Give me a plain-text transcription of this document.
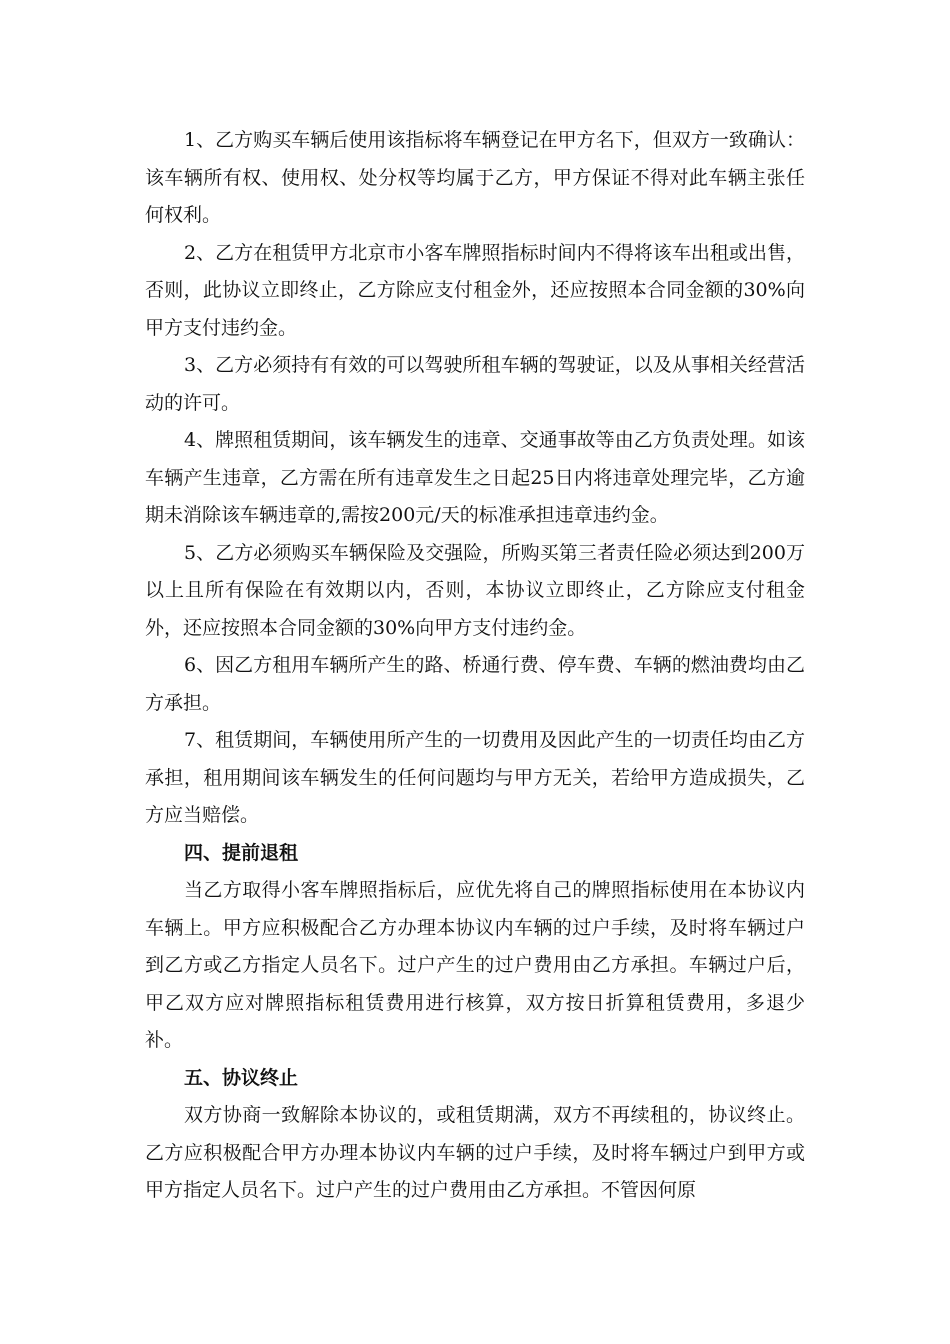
1、乙方购买车辆后使用该指标将车辆登记在甲方名下，但双方一致确认：该车辆所有权、使用权、处分权等均属于乙方，甲方保证不得对此车辆主张任何权利。

2、乙方在租赁甲方北京市小客车牌照指标时间内不得将该车出租或出售，否则，此协议立即终止，乙方除应支付租金外，还应按照本合同金额的30%向甲方支付违约金。

3、乙方必须持有有效的可以驾驶所租车辆的驾驶证，以及从事相关经营活动的许可。

4、牌照租赁期间，该车辆发生的违章、交通事故等由乙方负责处理。如该车辆产生违章，乙方需在所有违章发生之日起25日内将违章处理完毕，乙方逾期未消除该车辆违章的,需按200元/天的标准承担违章违约金。

5、乙方必须购买车辆保险及交强险，所购买第三者责任险必须达到200万以上且所有保险在有效期以内，否则，本协议立即终止，乙方除应支付租金外，还应按照本合同金额的30%向甲方支付违约金。

6、因乙方租用车辆所产生的路、桥通行费、停车费、车辆的燃油费均由乙方承担。

7、租赁期间，车辆使用所产生的一切费用及因此产生的一切责任均由乙方承担，租用期间该车辆发生的任何问题均与甲方无关，若给甲方造成损失，乙方应当赔偿。

四、提前退租

当乙方取得小客车牌照指标后，应优先将自己的牌照指标使用在本协议内车辆上。甲方应积极配合乙方办理本协议内车辆的过户手续，及时将车辆过户到乙方或乙方指定人员名下。过户产生的过户费用由乙方承担。车辆过户后，甲乙双方应对牌照指标租赁费用进行核算，双方按日折算租赁费用，多退少补。

五、协议终止

双方协商一致解除本协议的，或租赁期满，双方不再续租的，协议终止。乙方应积极配合甲方办理本协议内车辆的过户手续，及时将车辆过户到甲方或甲方指定人员名下。过户产生的过户费用由乙方承担。不管因何原
